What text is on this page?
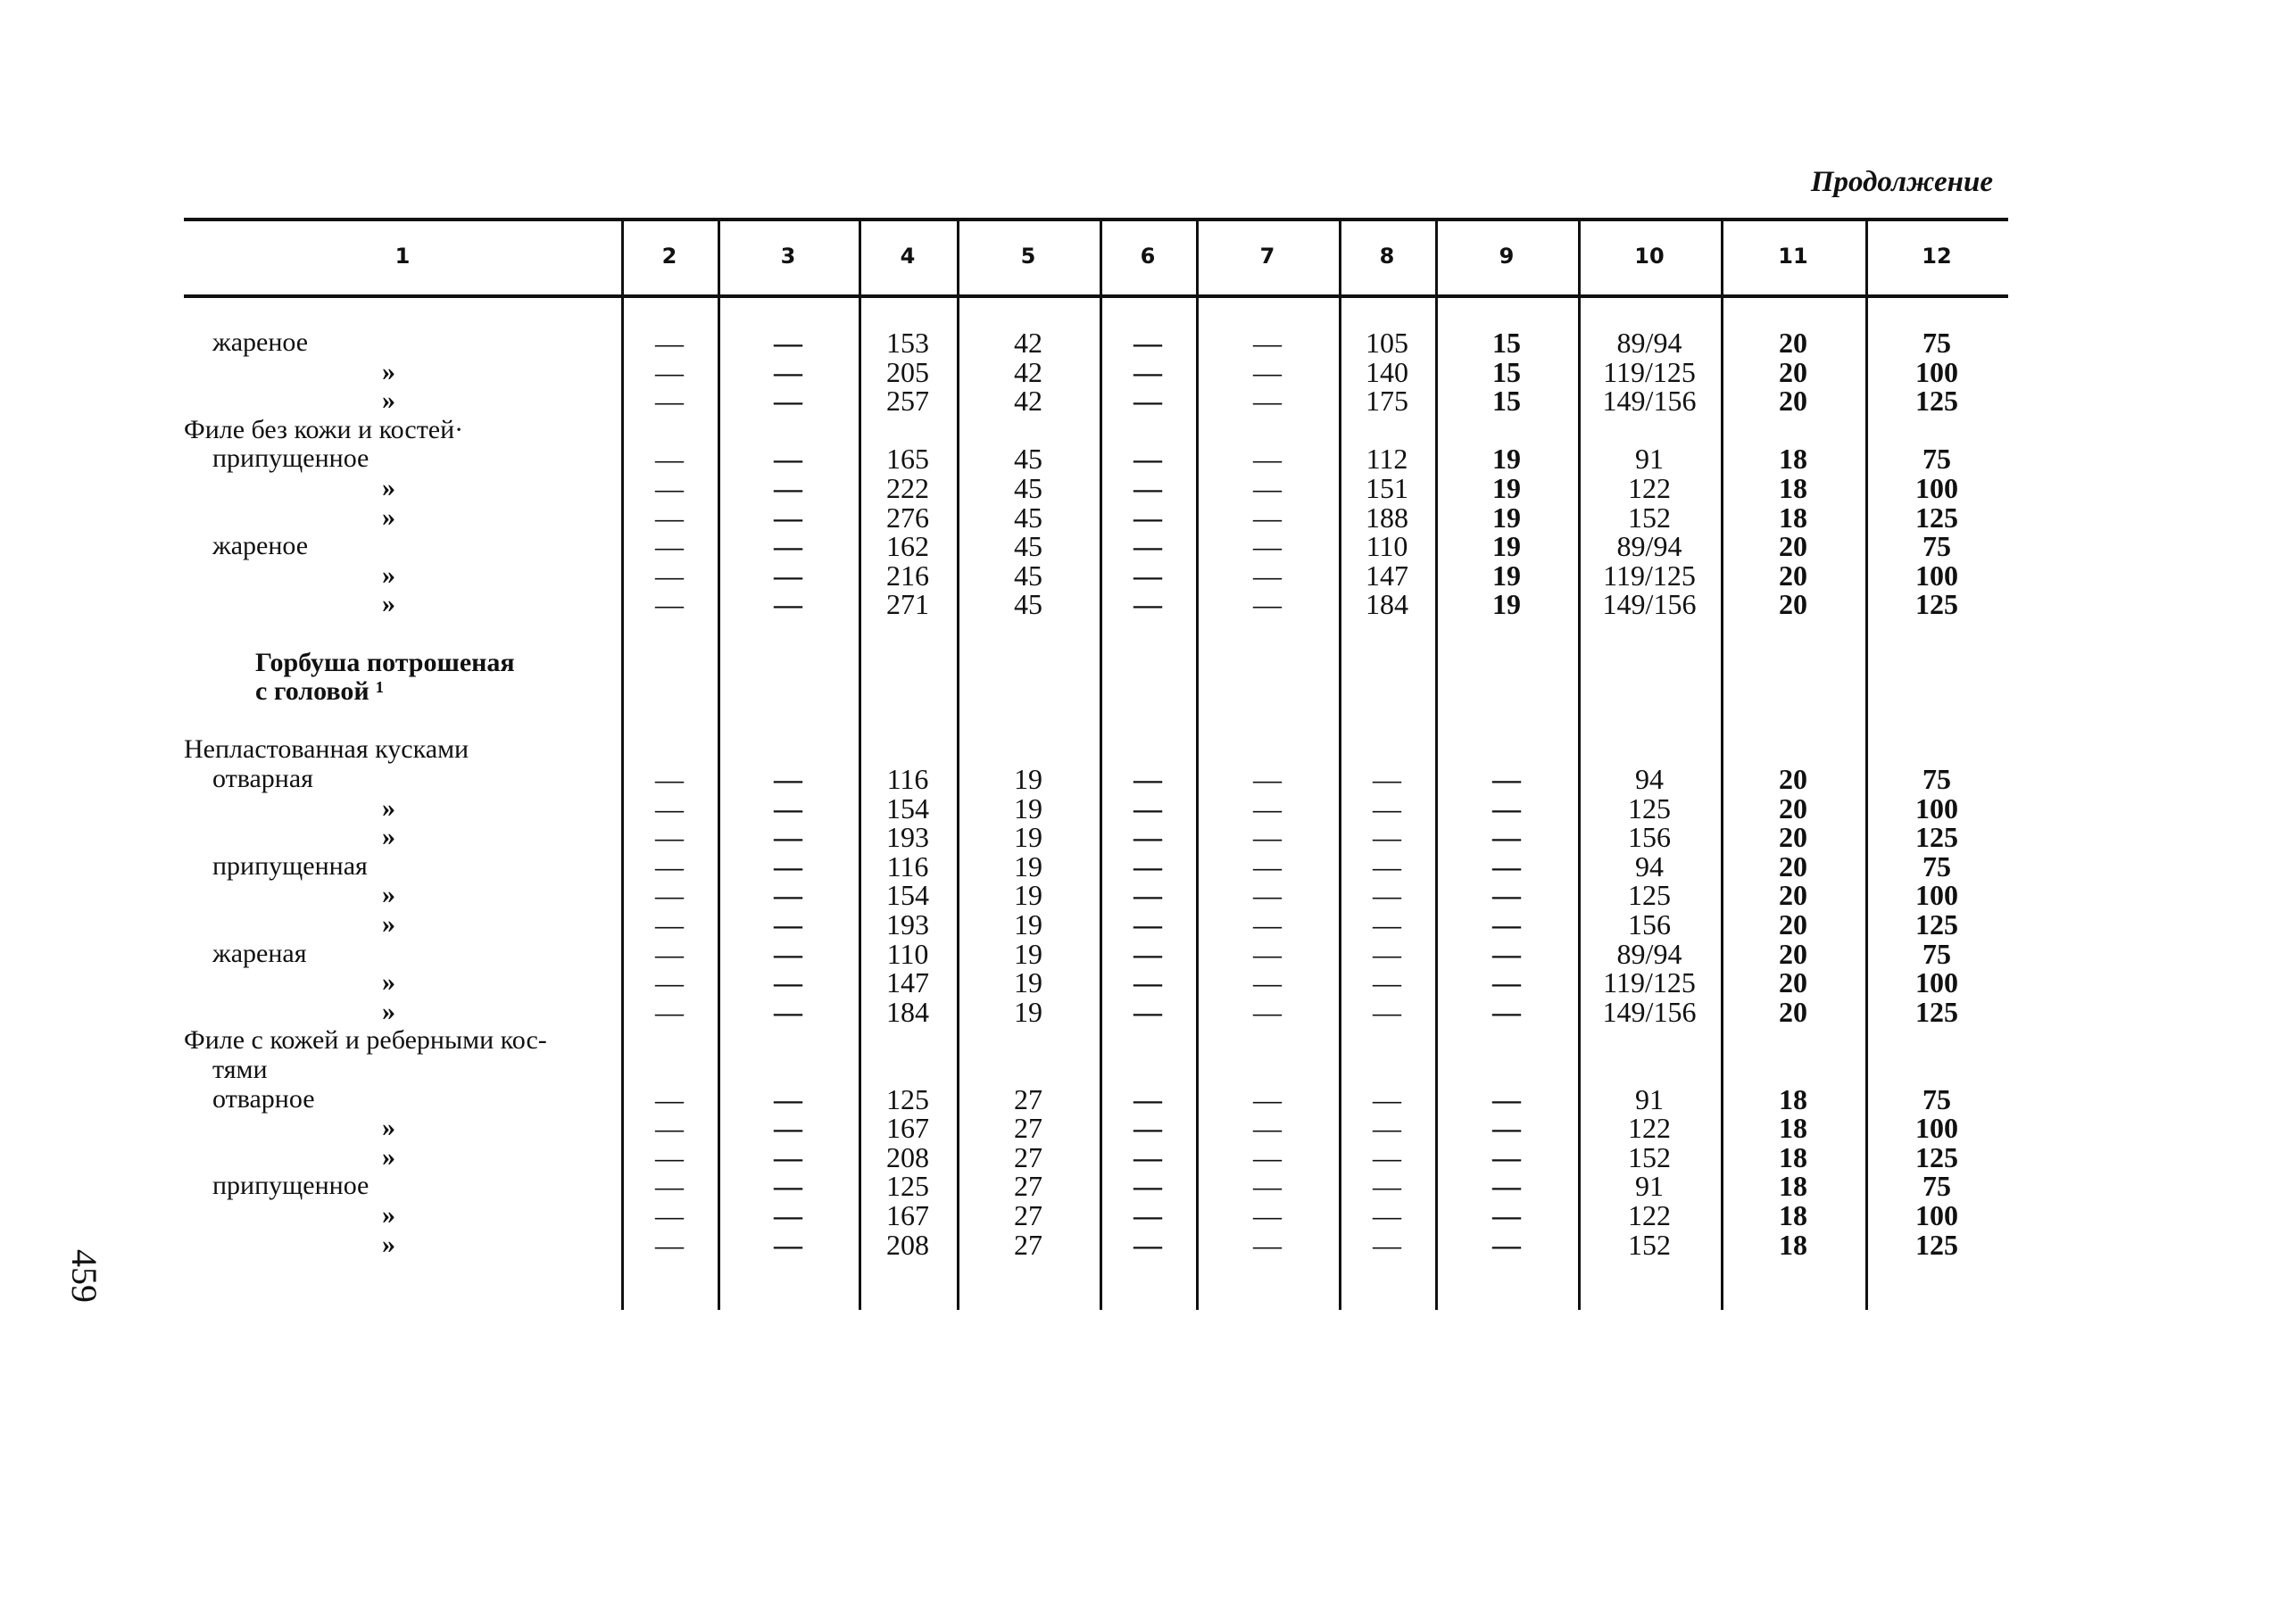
Продолжение
459
1	2	3	4	5	6	7	8	9	10	11	12
жареное	—	—	153	42	—	—	105	15	89/94	20	75
»	—	—	205	42	—	—	140	15	119/125	20	100
»	—	—	257	42	—	—	175	15	149/156	20	125
Филе без кожи и костей·
припущенное	—	—	165	45	—	—	112	19	91	18	75
»	—	—	222	45	—	—	151	19	122	18	100
»	—	—	276	45	—	—	188	19	152	18	125
жареное	—	—	162	45	—	—	110	19	89/94	20	75
»	—	—	216	45	—	—	147	19	119/125	20	100
»	—	—	271	45	—	—	184	19	149/156	20	125
Горбуша потрошеная
с головой ¹
Непластованная кусками
отварная	—	—	116	19	—	—	—	—	94	20	75
»	—	—	154	19	—	—	—	—	125	20	100
»	—	—	193	19	—	—	—	—	156	20	125
припущенная	—	—	116	19	—	—	—	—	94	20	75
»	—	—	154	19	—	—	—	—	125	20	100
»	—	—	193	19	—	—	—	—	156	20	125
жареная	—	—	110	19	—	—	—	—	89/94	20	75
»	—	—	147	19	—	—	—	—	119/125	20	100
»	—	—	184	19	—	—	—	—	149/156	20	125
Филе с кожей и реберными кос-
тями
отварное	—	—	125	27	—	—	—	—	91	18	75
»	—	—	167	27	—	—	—	—	122	18	100
»	—	—	208	27	—	—	—	—	152	18	125
припущенное	—	—	125	27	—	—	—	—	91	18	75
»	—	—	167	27	—	—	—	—	122	18	100
»	—	—	208	27	—	—	—	—	152	18	125
